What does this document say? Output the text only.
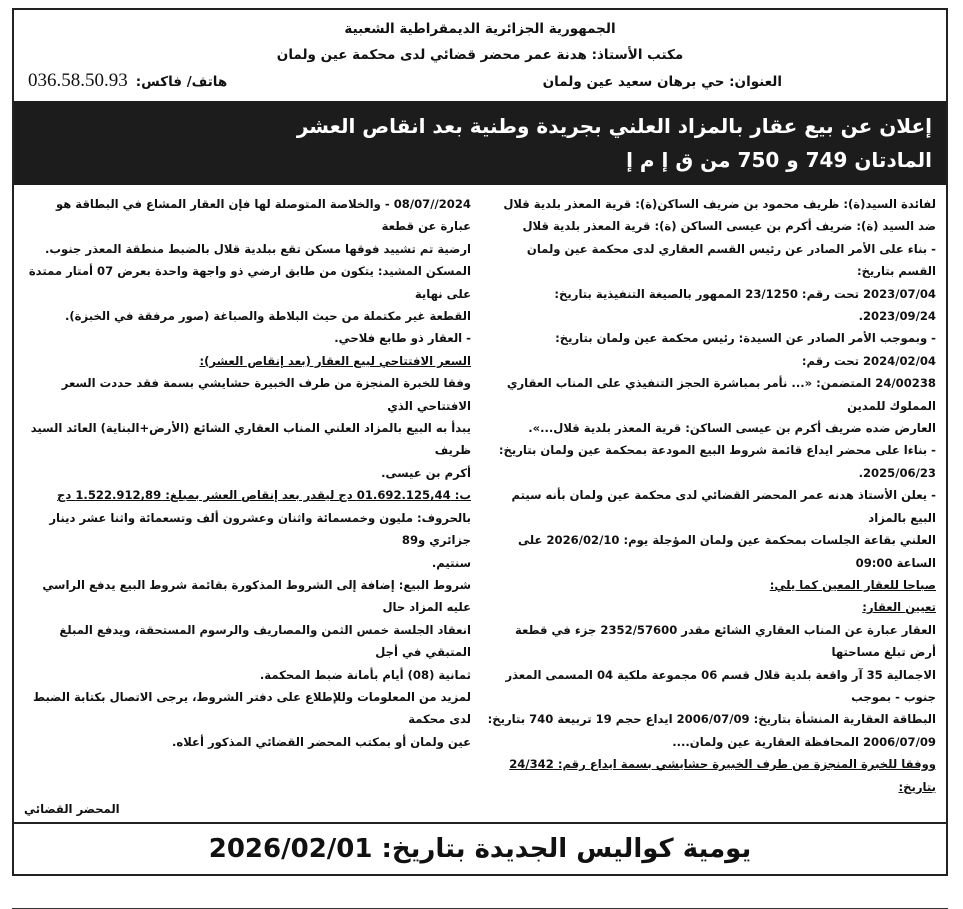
الجمهورية الجزائرية الديمقراطية الشعبية
مكتب الأستاذ: هدنة عمر محضر قضائي لدى محكمة عين ولمان
العنوان: حي برهان سعيد عين ولمان
هاتف/ فاكس:
036.58.50.93
إعلان عن بيع عقار بالمزاد العلني بجريدة وطنية بعد انقاص العشر
المادتان 749 و 750 من ق إ م إ
لفائدة السيد(ة): ظريف محمود بن ضريف الساكن(ة): قرية المعذر بلدية قلال
ضد السيد (ة): ضريف أكرم بن عيسى الساكن (ة): قرية المعذر بلدية قلال
- بناء على الأمر الصادر عن رئيس القسم العقاري لدى محكمة عين ولمان القسم بتاريخ:
2023/07/04 تحت رقم: 23/1250 الممهور بالصيغة التنفيذية بتاريخ: 2023/09/24.
- وبموجب الأمر الصادر عن السيدة: رئيس محكمة عين ولمان بتاريخ: 2024/02/04 تحت رقم:
24/00238 المتضمن: «... نأمر بمباشرة الحجز التنفيذي على المناب العقاري المملوك للمدين
العارض ضده ضريف أكرم بن عيسى الساكن: قرية المعذر بلدية قلال...».
- بناءا على محضر ايداع قائمة شروط البيع المودعة بمحكمة عين ولمان بتاريخ:
2025/06/23.
- يعلن الأستاذ هدنه عمر المحضر القضائي لدى محكمة عين ولمان بأنه سيتم البيع بالمزاد
العلني بقاعة الجلسات بمحكمة عين ولمان المؤجلة يوم: 2026/02/10 على الساعة 09:00
صباحا للعقار المعين كما يلي:
تعيين العقار:
العقار عبارة عن المناب العقاري الشائع مقدر 2352/57600 جزء في قطعة أرض تبلغ مساحتها
الاجمالية 35 آر واقعة بلدية قلال قسم 06 مجموعة ملكية 04 المسمى المعذر جنوب - بموجب
البطاقة العقارية المنشأة بتاريخ: 2006/07/09 ايداع حجم 19 تربيعة 740 بتاريخ:
2006/07/09 المحافظة العقارية عين ولمان....
ووفقا للخبرة المنجزة من طرف الخبيرة حشايشي بسمة ايداع رقم: 24/342 بتاريخ:
2024//08/07 - والخلاصة المتوصلة لها فإن العقار المشاع في البطاقة هو عبارة عن قطعة
ارضية تم تشييد فوقها مسكن تقع ببلدية قلال بالضبط منطقة المعذر جنوب.
المسكن المشيد: يتكون من طابق ارضي ذو واجهة واحدة بعرض 07 أمتار ممتدة على نهاية
القطعة غير مكتملة من حيث البلاطة والصباغة (صور مرفقة في الخبزة).
- العقار ذو طابع فلاحي.
السعر الافتتاحي لبيع العقار (بعد إنقاص العشر):
وفقا للخبرة المنجزة من طرف الخبيرة حشايشي بسمة فقد حددت السعر الافتتاحي الذي
يبدأ به البيع بالمزاد العلني المناب العقاري الشائع (الأرض+البناية) العائد السيد ظريف
أكرم بن عيسى.
ب: 01.692.125,44 دج ليقدر بعد إنقاص العشر بمبلغ: 1.522.912,89 دج
بالحروف: مليون وخمسمائة واثنان وعشرون ألف وتسعمائة واثنا عشر دينار جزائري و89
سنتيم.
شروط البيع: إضافة إلى الشروط المذكورة بقائمة شروط البيع يدفع الراسي عليه المزاد حال
انعقاد الجلسة خمس الثمن والمصاريف والرسوم المستحقة، ويدفع المبلغ المتبقي في أجل
ثمانية (08) أيام بأمانة ضبط المحكمة.
لمزيد من المعلومات وللإطلاع على دفتر الشروط، يرجى الاتصال بكتابة الضبط لدى محكمة
عين ولمان أو بمكتب المحضر القضائي المذكور أعلاه.
المحضر القضائي
يومية كواليس الجديدة بتاريخ: 2026/02/01
